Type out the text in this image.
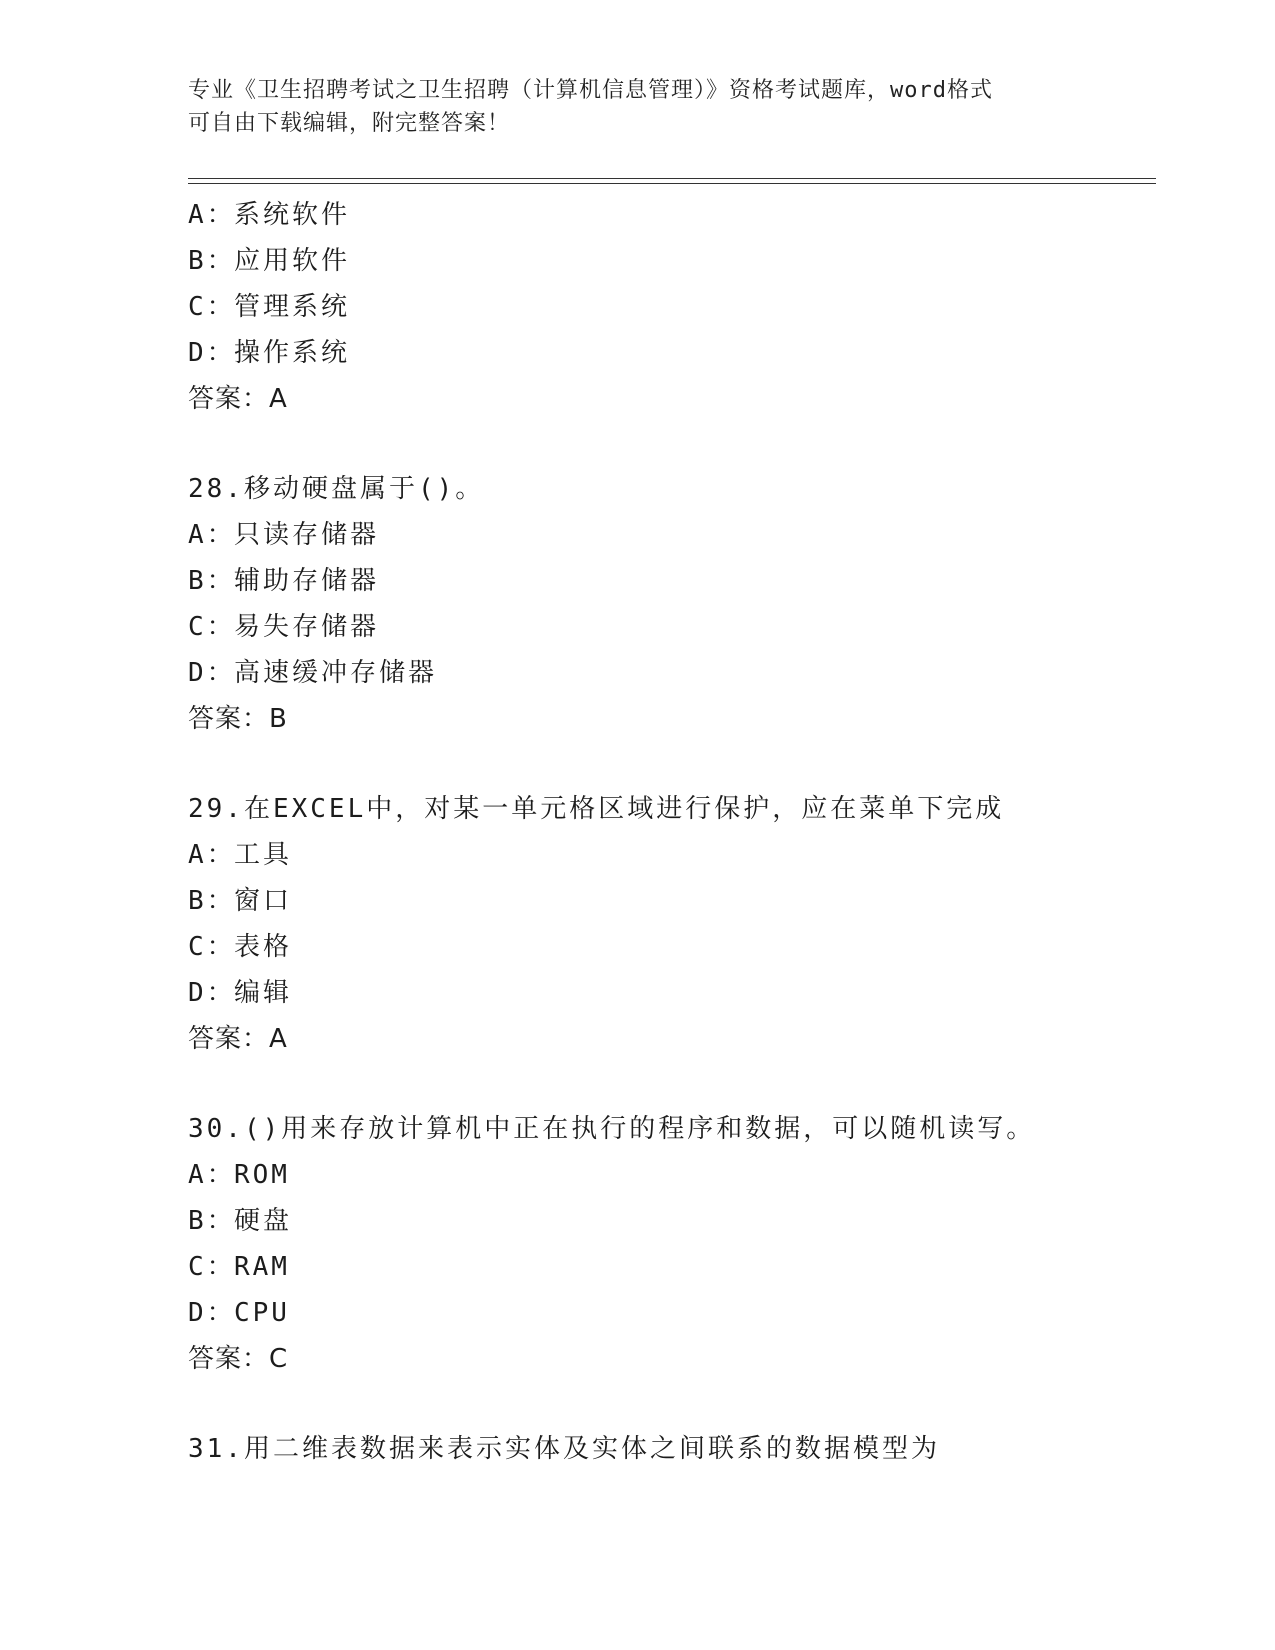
专业《卫生招聘考试之卫生招聘（计算机信息管理）》资格考试题库，word格式
可自由下载编辑，附完整答案！
A：系统软件
B：应用软件
C：管理系统
D：操作系统
答案：A
28.移动硬盘属于()。
A：只读存储器
B：辅助存储器
C：易失存储器
D：高速缓冲存储器
答案：B
29.在EXCEL中，对某一单元格区域进行保护，应在菜单下完成
A：工具
B：窗口
C：表格
D：编辑
答案：A
30.()用来存放计算机中正在执行的程序和数据，可以随机读写。
A：ROM
B：硬盘
C：RAM
D：CPU
答案：C
31.用二维表数据来表示实体及实体之间联系的数据模型为
